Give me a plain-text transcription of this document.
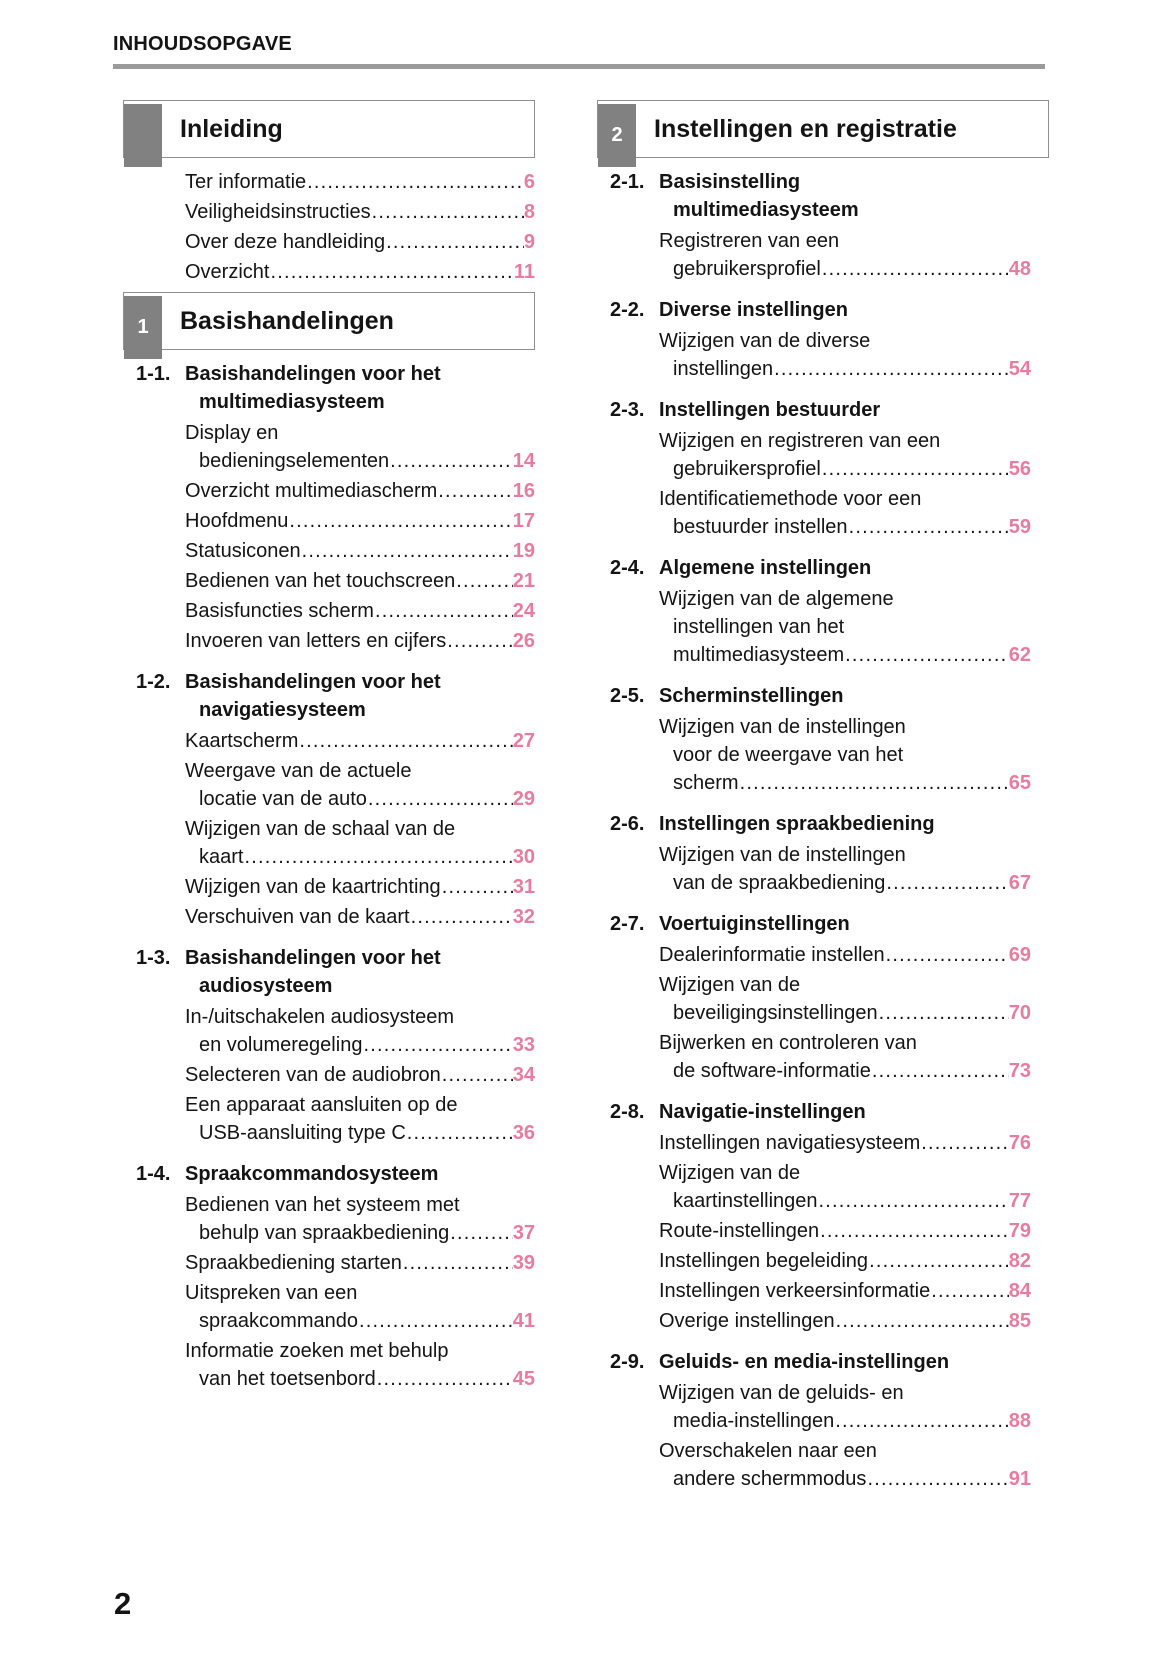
INHOUDSOPGAVE
Inleiding
Ter informatie .....	6
Veiligheidsinstructies .....	8
Over deze handleiding .....	9
Overzicht .....	11
1	Basishandelingen
1-1. Basishandelingen voor het
multimediasysteem
Display en
bedieningselementen .....	14
Overzicht multimediascherm .....	16
Hoofdmenu .....	17
Statusiconen .....	19
Bedienen van het touchscreen .....	21
Basisfuncties scherm .....	24
Invoeren van letters en cijfers .....	26
1-2. Basishandelingen voor het
navigatiesysteem
Kaartscherm .....	27
Weergave van de actuele
locatie van de auto .....	29
Wijzigen van de schaal van de
kaart .....	30
Wijzigen van de kaartrichting .....	31
Verschuiven van de kaart .....	32
1-3. Basishandelingen voor het
audiosysteem
In-/uitschakelen audiosysteem
en volumeregeling .....	33
Selecteren van de audiobron .....	34
Een apparaat aansluiten op de
USB-aansluiting type C .....	36
1-4. Spraakcommandosysteem
Bedienen van het systeem met
behulp van spraakbediening .....	37
Spraakbediening starten .....	39
Uitspreken van een
spraakcommando .....	41
Informatie zoeken met behulp
van het toetsenbord .....	45
2	Instellingen en registratie
2-1. Basisinstelling
multimediasysteem
Registreren van een
gebruikersprofiel .....	48
2-2. Diverse instellingen
Wijzigen van de diverse
instellingen .....	54
2-3. Instellingen bestuurder
Wijzigen en registreren van een
gebruikersprofiel .....	56
Identificatiemethode voor een
bestuurder instellen .....	59
2-4. Algemene instellingen
Wijzigen van de algemene
instellingen van het
multimediasysteem .....	62
2-5. Scherminstellingen
Wijzigen van de instellingen
voor de weergave van het
scherm .....	65
2-6. Instellingen spraakbediening
Wijzigen van de instellingen
van de spraakbediening .....	67
2-7. Voertuiginstellingen
Dealerinformatie instellen .....	69
Wijzigen van de
beveiligingsinstellingen .....	70
Bijwerken en controleren van
de software-informatie .....	73
2-8. Navigatie-instellingen
Instellingen navigatiesysteem .....	76
Wijzigen van de
kaartinstellingen .....	77
Route-instellingen .....	79
Instellingen begeleiding .....	82
Instellingen verkeersinformatie .....	84
Overige instellingen .....	85
2-9. Geluids- en media-instellingen
Wijzigen van de geluids- en
media-instellingen .....	88
Overschakelen naar een
andere schermmodus .....	91
2
